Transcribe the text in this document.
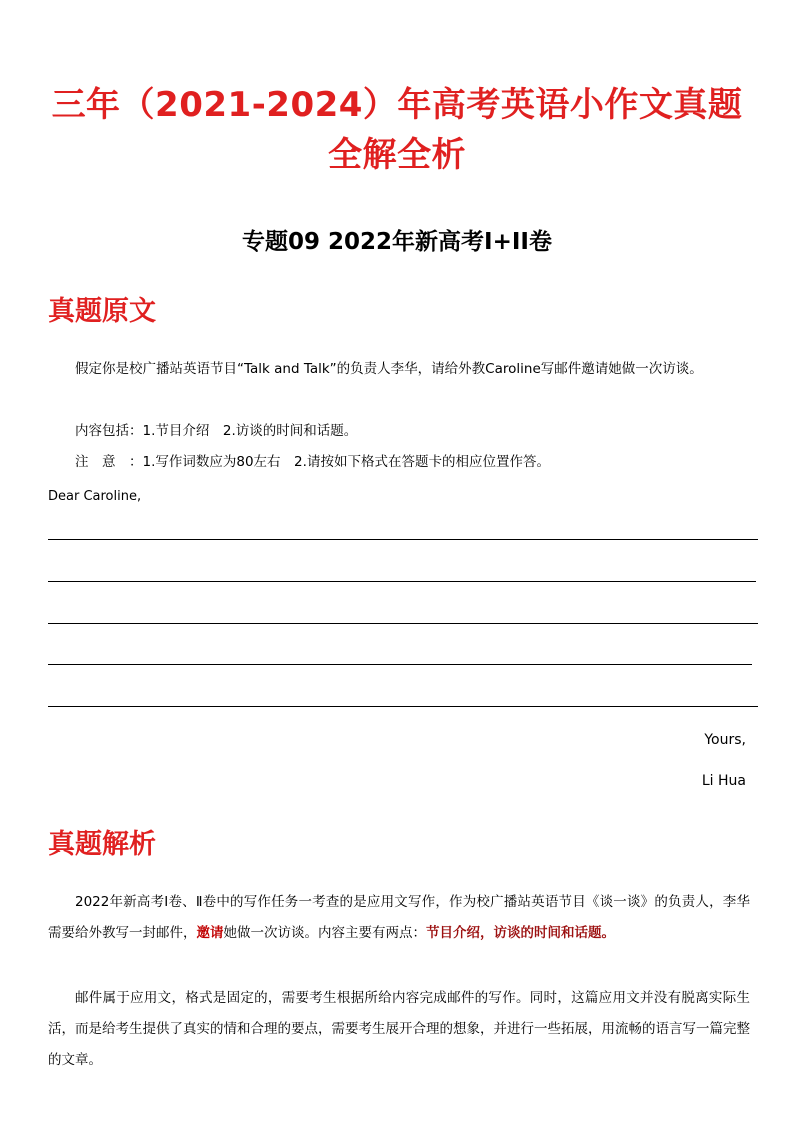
三年（2021-2024）年高考英语小作文真题全解全析
专题09 2022年新高考I+II卷
真题原文
假定你是校广播站英语节目“Talk and Talk”的负责人李华，请给外教Caroline写邮件邀请她做一次访谈。
内容包括：1.节目介绍　2.访谈的时间和话题。
注　意　：1.写作词数应为80左右　2.请按如下格式在答题卡的相应位置作答。
Dear Caroline,
Yours,
Li Hua
真题解析
2022年新高考Ⅰ卷、Ⅱ卷中的写作任务一考查的是应用文写作，作为校广播站英语节目《谈一谈》的负责人，李华需要给外教写一封邮件，邀请她做一次访谈。内容主要有两点：节目介绍，访谈的时间和话题。
邮件属于应用文，格式是固定的，需要考生根据所给内容完成邮件的写作。同时，这篇应用文并没有脱离实际生活，而是给考生提供了真实的情和合理的要点，需要考生展开合理的想象，并进行一些拓展，用流畅的语言写一篇完整的文章。
